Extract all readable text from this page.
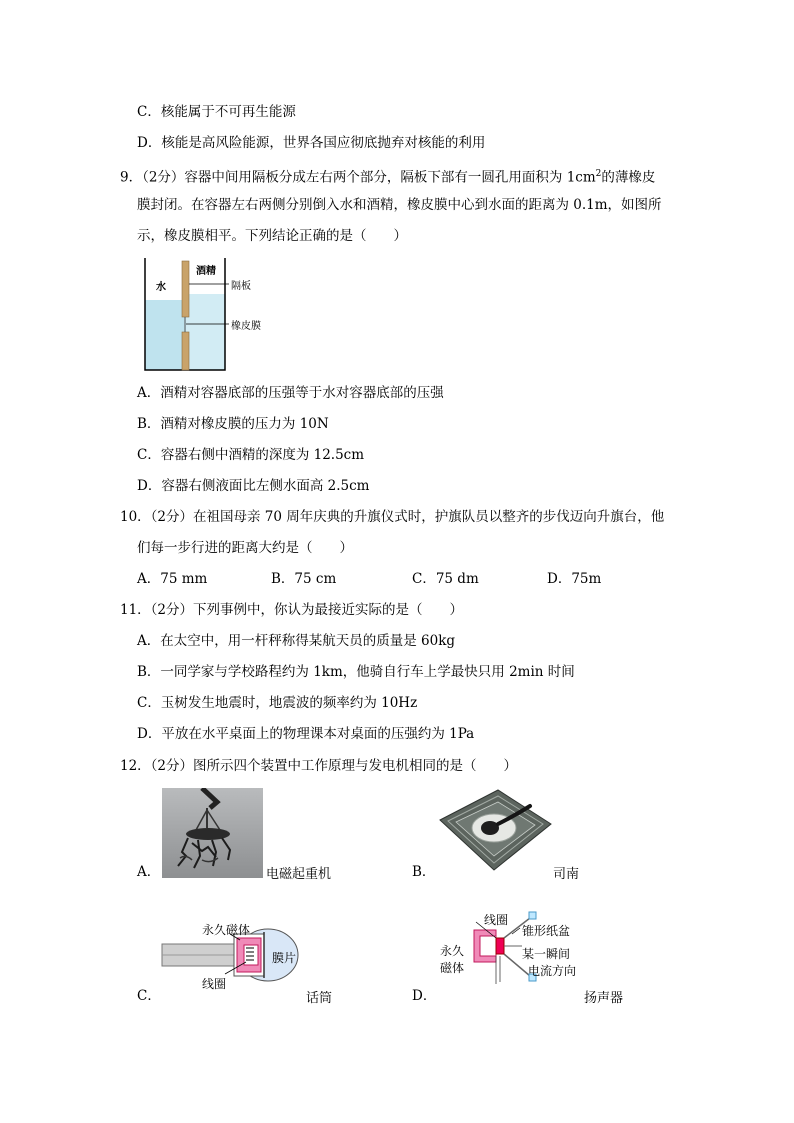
C．核能属于不可再生能源
D．核能是高风险能源，世界各国应彻底抛弃对核能的利用
9．（2分）容器中间用隔板分成左右两个部分，隔板下部有一圆孔用面积为 $1cm^2$的薄橡皮
膜封闭。在容器左右两侧分别倒入水和酒精，橡皮膜中心到水面的距离为 0.1m，如图所
示，橡皮膜相平。下列结论正确的是（　　）
水
酒精
隔板
橡皮膜
A．酒精对容器底部的压强等于水对容器底部的压强
B．酒精对橡皮膜的压力为 10N
C．容器右侧中酒精的深度为 12.5cm
D．容器右侧液面比左侧水面高 2.5cm
10．（2分）在祖国母亲 70 周年庆典的升旗仪式时，护旗队员以整齐的步伐迈向升旗台，他
们每一步行进的距离大约是（　　）
A．75 mm	B．75 cm	C．75 dm	D．75m
11．（2分）下列事例中，你认为最接近实际的是（　　）
A．在太空中，用一杆秤称得某航天员的质量是 60kg
B．一同学家与学校路程约为 1km，他骑自行车上学最快只用 2min 时间
C．玉树发生地震时，地震波的频率约为 10Hz
D．平放在水平桌面上的物理课本对桌面的压强约为 1Pa
12．（2分）图所示四个装置中工作原理与发电机相同的是（　　）
A．	电磁起重机	B．	司南
C．
永久磁体
膜片
线圈
话筒	D．
线圈
锥形纸盆
永久
磁体
某一瞬间
电流方向
扬声器
